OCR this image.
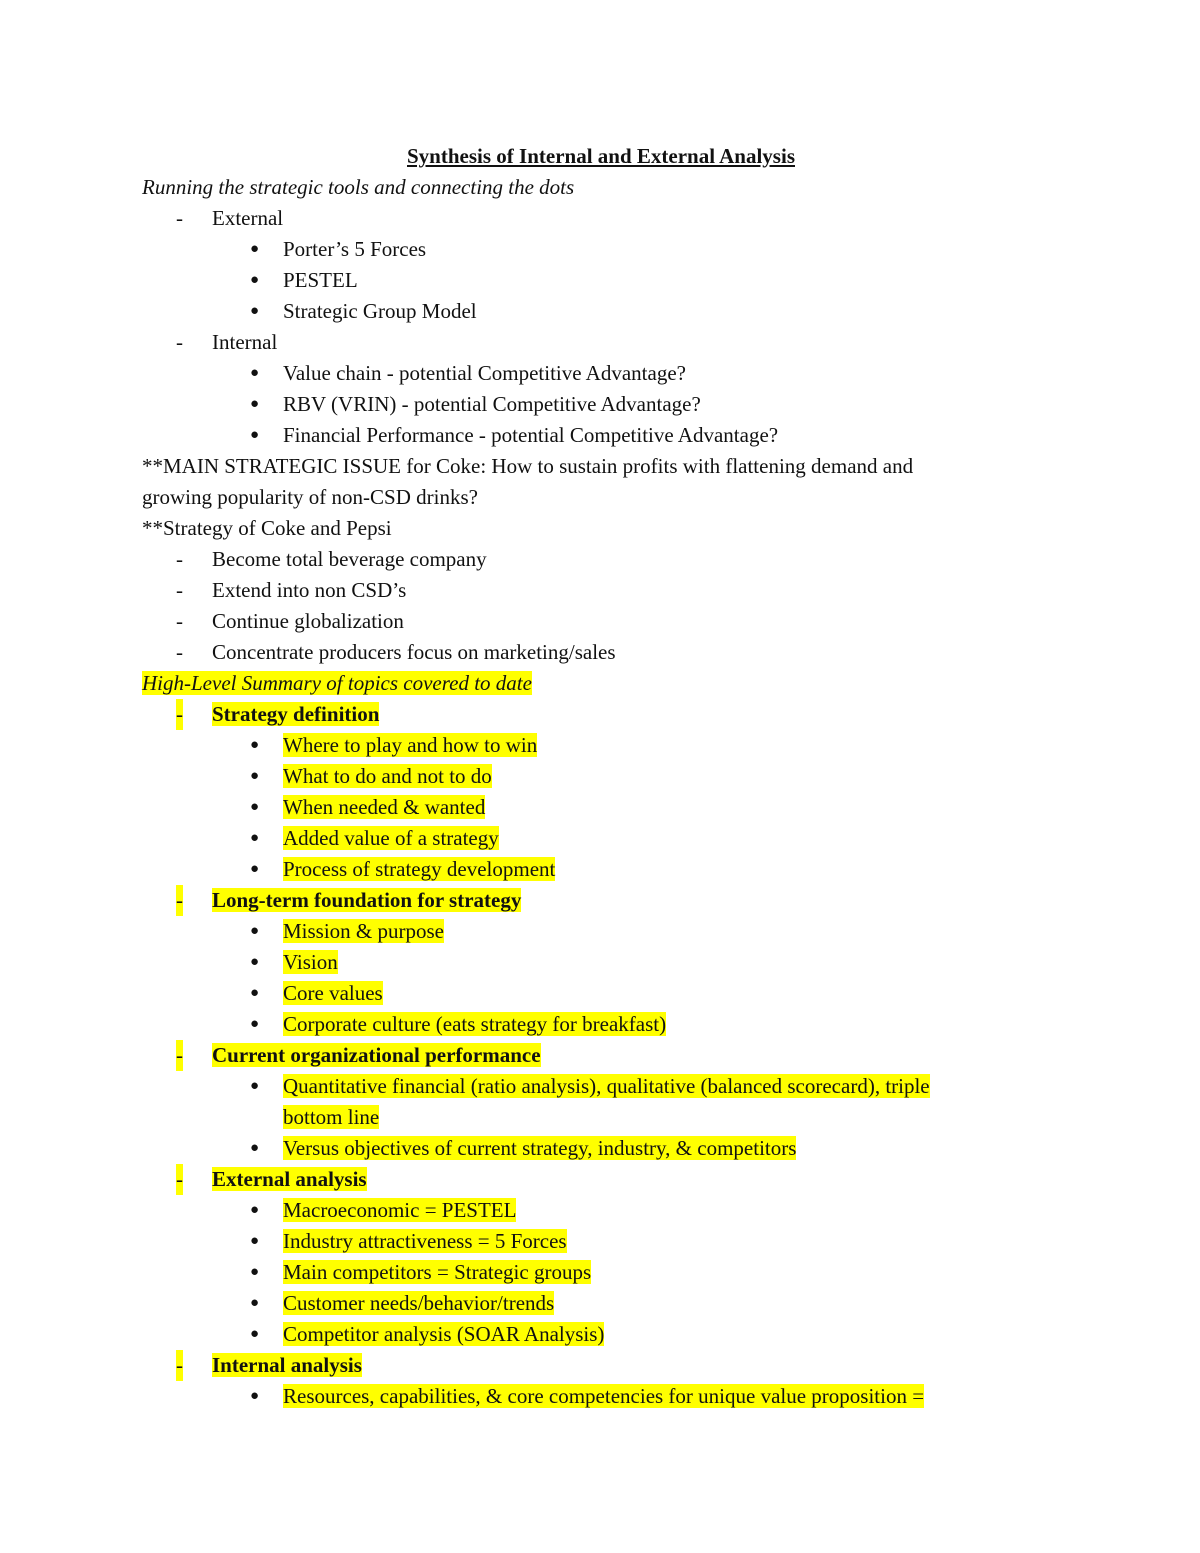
Synthesis of Internal and External Analysis
Running the strategic tools and connecting the dots
- External
● Porter’s 5 Forces
● PESTEL
● Strategic Group Model
- Internal
● Value chain - potential Competitive Advantage?
● RBV (VRIN) - potential Competitive Advantage?
● Financial Performance - potential Competitive Advantage?
**MAIN STRATEGIC ISSUE for Coke: How to sustain profits with flattening demand and
growing popularity of non-CSD drinks?
**Strategy of Coke and Pepsi
- Become total beverage company
- Extend into non CSD’s
- Continue globalization
- Concentrate producers focus on marketing/sales
High-Level Summary of topics covered to date
- Strategy definition
● Where to play and how to win
● What to do and not to do
● When needed & wanted
● Added value of a strategy
● Process of strategy development
- Long-term foundation for strategy
● Mission & purpose
● Vision
● Core values
● Corporate culture (eats strategy for breakfast)
- Current organizational performance
● Quantitative financial (ratio analysis), qualitative (balanced scorecard), triple
bottom line
● Versus objectives of current strategy, industry, & competitors
- External analysis
● Macroeconomic = PESTEL
● Industry attractiveness = 5 Forces
● Main competitors = Strategic groups
● Customer needs/behavior/trends
● Competitor analysis (SOAR Analysis)
- Internal analysis
● Resources, capabilities, & core competencies for unique value proposition =
